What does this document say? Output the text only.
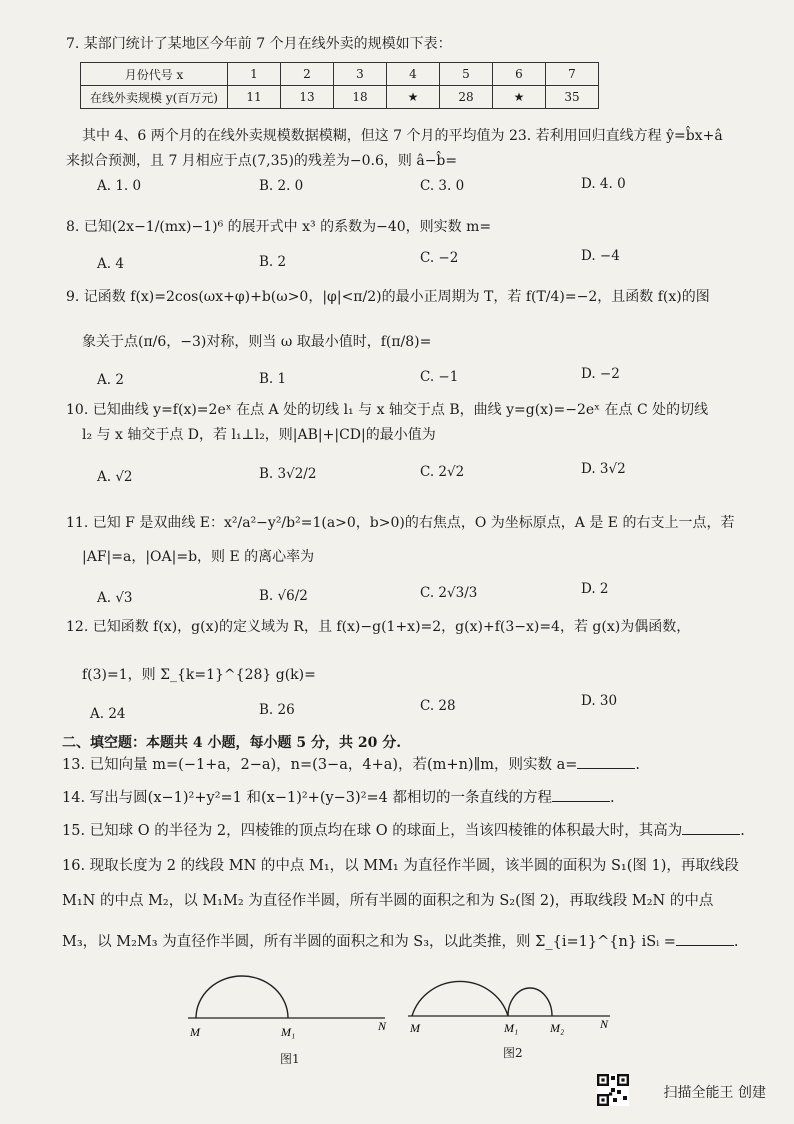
7. 某部门统计了某地区今年前 7 个月在线外卖的规模如下表：
月份代号 x	1	2	3	4	5	6	7
在线外卖规模 y(百万元)	11	13	18	★	28	★	35
其中 4、6 两个月的在线外卖规模数据模糊，但这 7 个月的平均值为 23. 若利用回归直线方程 ŷ=b̂x+â
来拟合预测，且 7 月相应于点(7,35)的残差为−0.6，则 â−b̂=
A. 1. 0	B. 2. 0	C. 3. 0	D. 4. 0
8. 已知(2x−1/(mx)−1)⁶ 的展开式中 x³ 的系数为−40，则实数 m=
A. 4	B. 2	C. −2	D. −4
9. 记函数 f(x)=2cos(ωx+φ)+b(ω>0，|φ|<π/2)的最小正周期为 T，若 f(T/4)=−2，且函数 f(x)的图
象关于点(π/6，−3)对称，则当 ω 取最小值时，f(π/8)=
A. 2	B. 1	C. −1	D. −2
10. 已知曲线 y=f(x)=2eˣ 在点 A 处的切线 l₁ 与 x 轴交于点 B，曲线 y=g(x)=−2eˣ 在点 C 处的切线
l₂ 与 x 轴交于点 D，若 l₁⊥l₂，则|AB|+|CD|的最小值为
A. √2	B. 3√2/2	C. 2√2	D. 3√2
11. 已知 F 是双曲线 E：x²/a²−y²/b²=1(a>0，b>0)的右焦点，O 为坐标原点，A 是 E 的右支上一点，若
|AF|=a，|OA|=b，则 E 的离心率为
A. √3	B. √6/2	C. 2√3/3	D. 2
12. 已知函数 f(x)，g(x)的定义域为 R，且 f(x)−g(1+x)=2，g(x)+f(3−x)=4，若 g(x)为偶函数，
f(3)=1，则 Σ_{k=1}^{28} g(k)=
A. 24	B. 26	C. 28	D. 30
二、填空题：本题共 4 小题，每小题 5 分，共 20 分.
13. 已知向量 m=(−1+a，2−a)，n=(3−a，4+a)，若(m+n)∥m，则实数 a=	.
14. 写出与圆(x−1)²+y²=1 和(x−1)²+(y−3)²=4 都相切的一条直线的方程	.
15. 已知球 O 的半径为 2，四棱锥的顶点均在球 O 的球面上，当该四棱锥的体积最大时，其高为	.
16. 现取长度为 2 的线段 MN 的中点 M₁，以 MM₁ 为直径作半圆，该半圆的面积为 S₁(图 1)，再取线段
M₁N 的中点 M₂，以 M₁M₂ 为直径作半圆，所有半圆的面积之和为 S₂(图 2)，再取线段 M₂N 的中点
M₃，以 M₂M₃ 为直径作半圆，所有半圆的面积之和为 S₃，以此类推，则 Σ_{i=1}^{n} iSᵢ =	.
M	M₁	N
图1
M	M₁	M₂	N
图2
扫描全能王 创建
